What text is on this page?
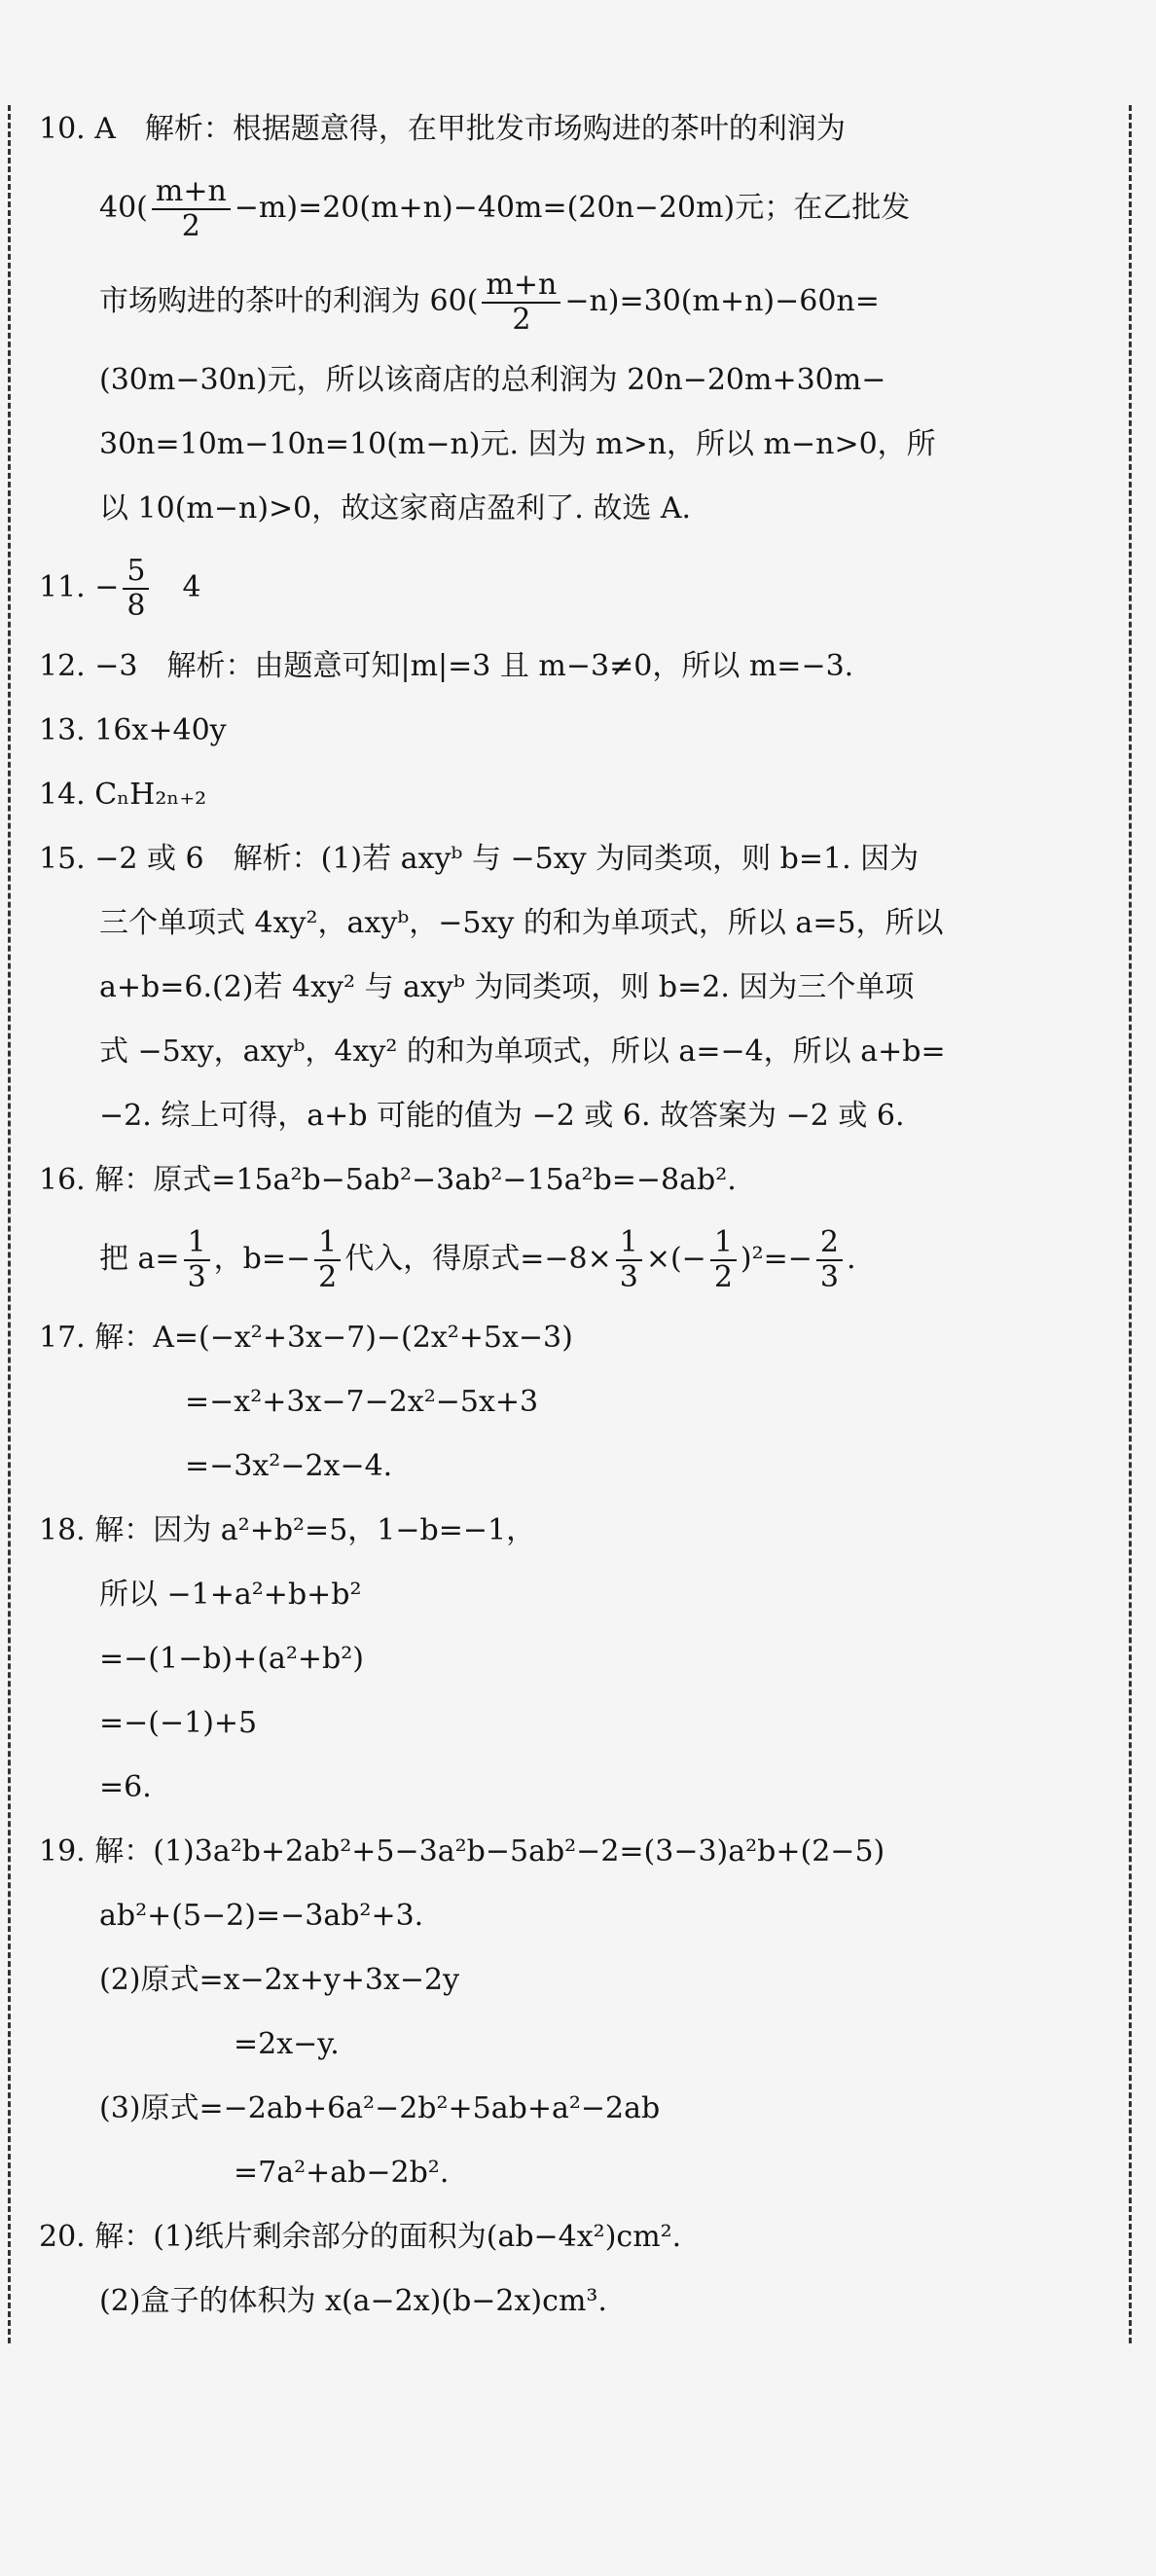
10. A　解析：根据题意得，在甲批发市场购进的茶叶的利润为
$40( \frac{m+n}{2} -m)=20(m+n)-40m=(20n-20m)$元；在乙批发
市场购进的茶叶的利润为 $60( \frac{m+n}{2} -n)=30(m+n)-60n=$
(30m−30n)元，所以该商店的总利润为 20n−20m+30m−
30n=10m−10n=10(m−n)元. 因为 m>n，所以 m−n>0，所
以 10(m−n)>0，故这家商店盈利了. 故选 A.
11. − $\frac{5}{8}$ 　4
12. −3　解析：由题意可知|m|=3 且 m−3≠0，所以 m=−3.
13. 16x+40y
14. CₙH₂ₙ₊₂
15. −2 或 6　解析：(1)若 axyᵇ 与 −5xy 为同类项，则 b=1. 因为
三个单项式 4xy²，axyᵇ，−5xy 的和为单项式，所以 a=5，所以
a+b=6.(2)若 4xy² 与 axyᵇ 为同类项，则 b=2. 因为三个单项
式 −5xy，axyᵇ，4xy² 的和为单项式，所以 a=−4，所以 a+b=
−2. 综上可得，a+b 可能的值为 −2 或 6. 故答案为 −2 或 6.
16. 解：原式=15a²b−5ab²−3ab²−15a²b=−8ab².
把 $a= \frac{1}{3}$ ，$b=- \frac{1}{2}$ 代入，得原式$=-8\times \frac{1}{3}$ ×(− $\frac{1}{2} )^2=- \frac{2}{3}$ .
17. 解：A=(−x²+3x−7)−(2x²+5x−3)
=−x²+3x−7−2x²−5x+3
=−3x²−2x−4.
18. 解：因为 a²+b²=5，1−b=−1，
所以 −1+a²+b+b²
=−(1−b)+(a²+b²)
=−(−1)+5
=6.
19. 解：(1)3a²b+2ab²+5−3a²b−5ab²−2=(3−3)a²b+(2−5)
ab²+(5−2)=−3ab²+3.
(2)原式=x−2x+y+3x−2y
=2x−y.
(3)原式=−2ab+6a²−2b²+5ab+a²−2ab
=7a²+ab−2b².
20. 解：(1)纸片剩余部分的面积为(ab−4x²)cm².
(2)盒子的体积为 x(a−2x)(b−2x)cm³.
